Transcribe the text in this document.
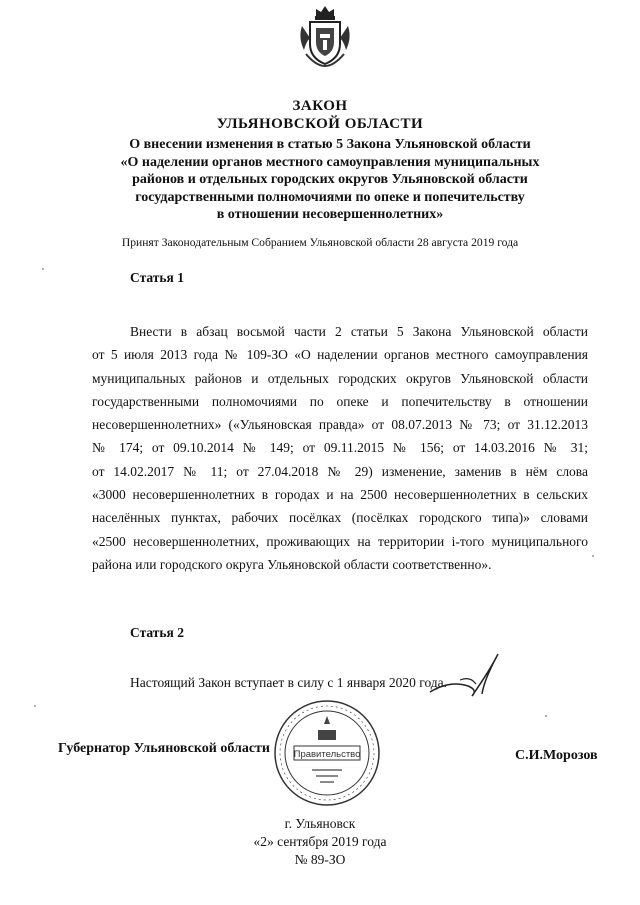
ЗАКОН
УЛЬЯНОВСКОЙ ОБЛАСТИ
О внесении изменения в статью 5 Закона Ульяновской области
«О наделении органов местного самоуправления муниципальных
районов и отдельных городских округов Ульяновской области
государственными полномочиями по опеке и попечительству
в отношении несовершеннолетних»
Принят Законодательным Собранием Ульяновской области 28 августа 2019 года
Статья 1
Внести в абзац восьмой части 2 статьи 5 Закона Ульяновской области
от 5 июля 2013 года № 109-ЗО «О наделении органов местного самоуправления
муниципальных районов и отдельных городских округов Ульяновской области
государственными полномочиями по опеке и попечительству в отношении
несовершеннолетних» («Ульяновская правда» от 08.07.2013 № 73; от 31.12.2013
№ 174; от 09.10.2014 № 149; от 09.11.2015 № 156; от 14.03.2016 № 31;
от 14.02.2017 № 11; от 27.04.2018 № 29) изменение, заменив в нём слова
«3000 несовершеннолетних в городах и на 2500 несовершеннолетних в сельских
населённых пунктах, рабочих посёлках (посёлках городского типа)» словами
«2500 несовершеннолетних, проживающих на территории i-того муниципального
района или городского округа Ульяновской области соответственно».
Статья 2
Настоящий Закон вступает в силу с 1 января 2020 года.
Губернатор Ульяновской области Правительство	С.И.Морозов
г. Ульяновск
«2» сентября 2019 года
№ 89-ЗО
